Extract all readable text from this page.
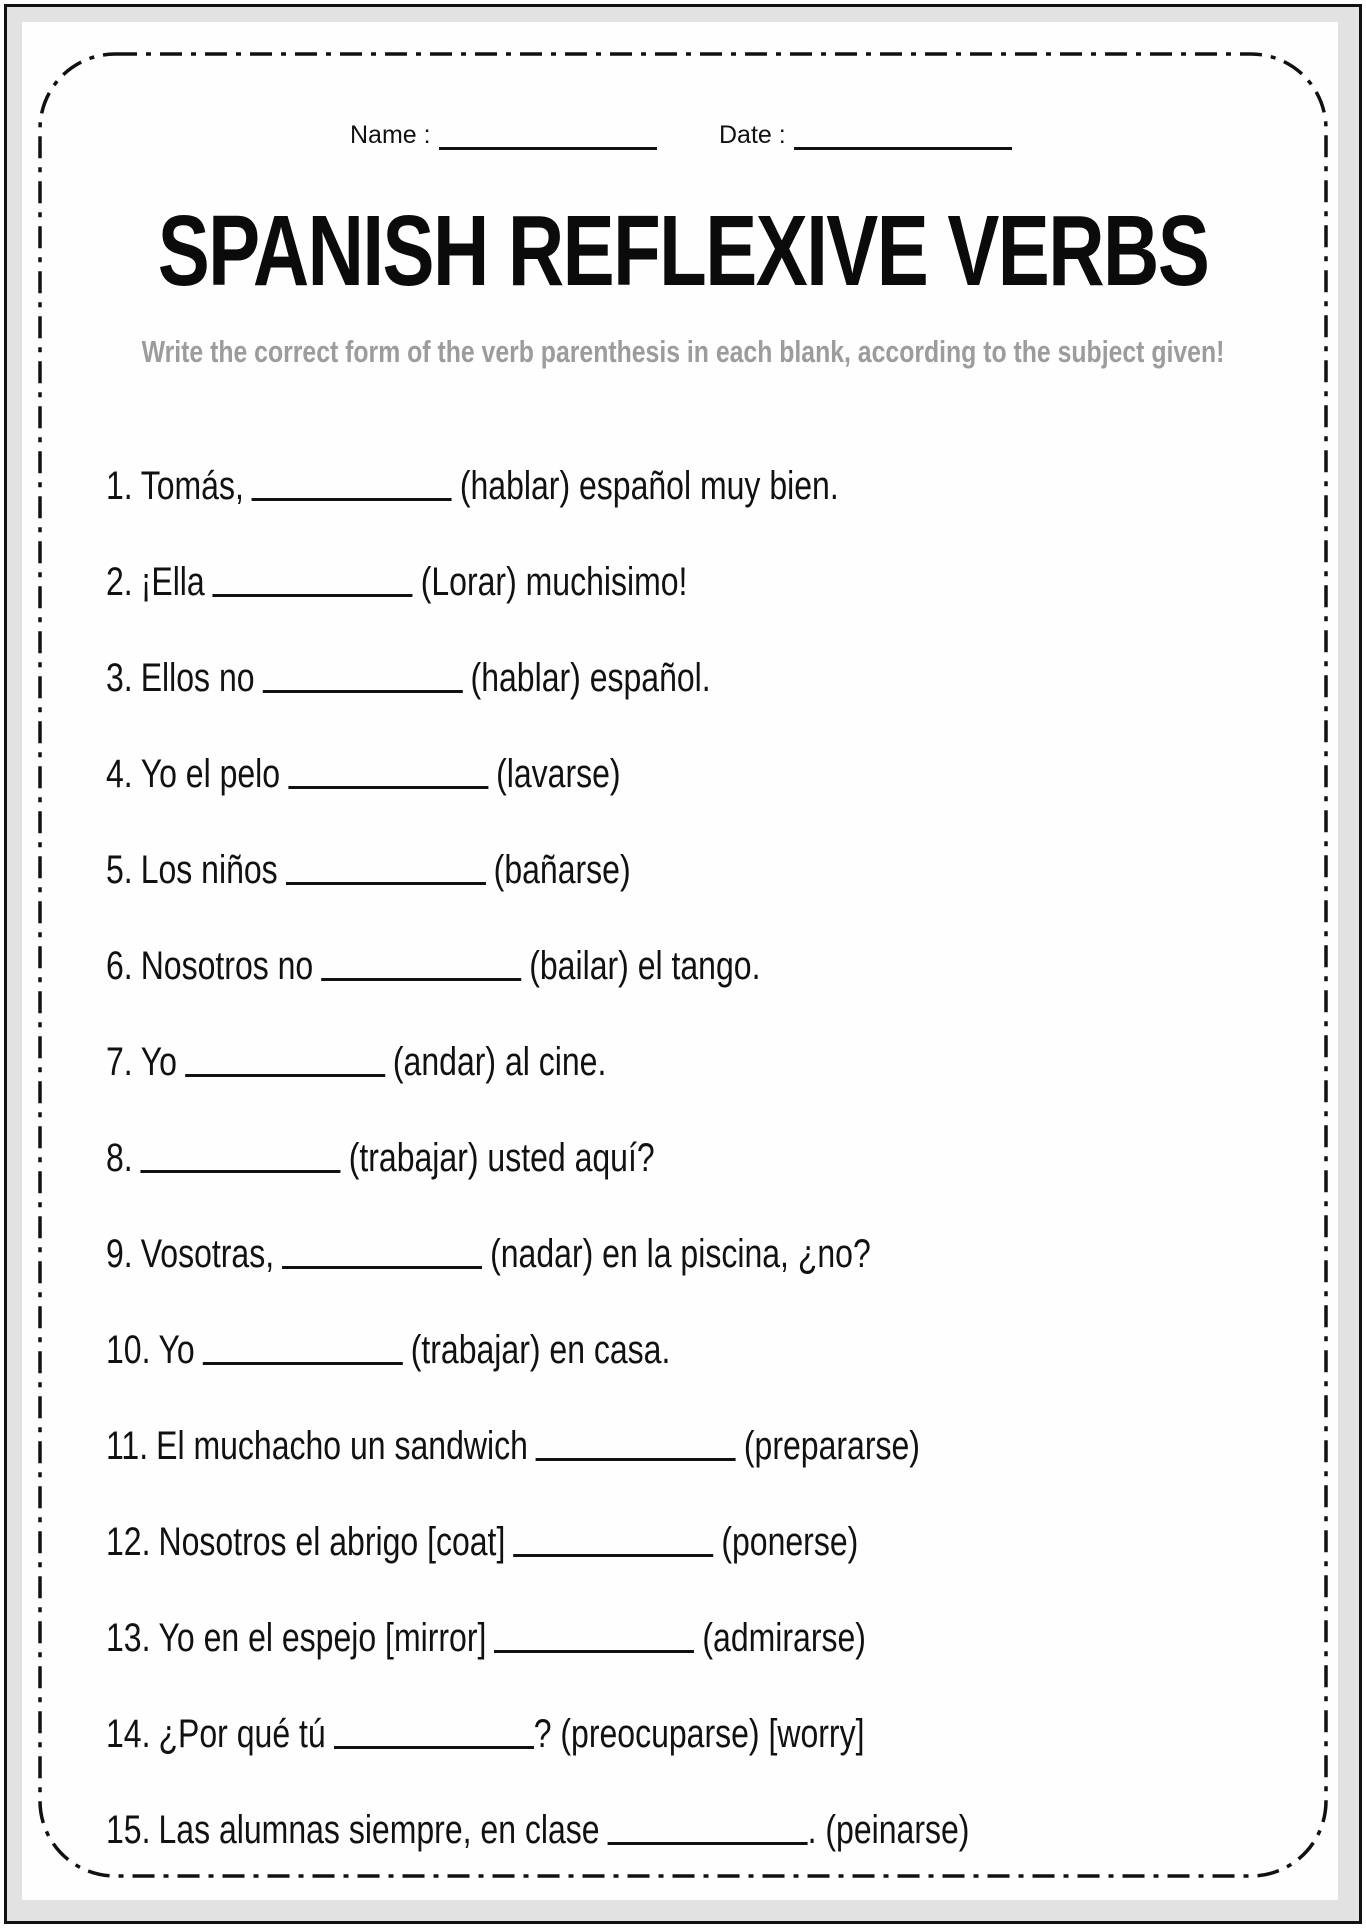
Name :	Date :
SPANISH REFLEXIVE VERBS
Write the correct form of the verb parenthesis in each blank, according to the subject given!
1. Tomás,	(hablar) español muy bien.
2. ¡Ella	(Lorar) muchisimo!
3. Ellos no	(hablar) español.
4. Yo el pelo	(lavarse)
5. Los niños	(bañarse)
6. Nosotros no	(bailar) el tango.
7. Yo	(andar) al cine.
8.	(trabajar) usted aquí?
9. Vosotras,	(nadar) en la piscina, ¿no?
10. Yo	(trabajar) en casa.
11. El muchacho un sandwich	(prepararse)
12. Nosotros el abrigo [coat]	(ponerse)
13. Yo en el espejo [mirror]	(admirarse)
14. ¿Por qué tú	? (preocuparse) [worry]
15. Las alumnas siempre, en clase	. (peinarse)
